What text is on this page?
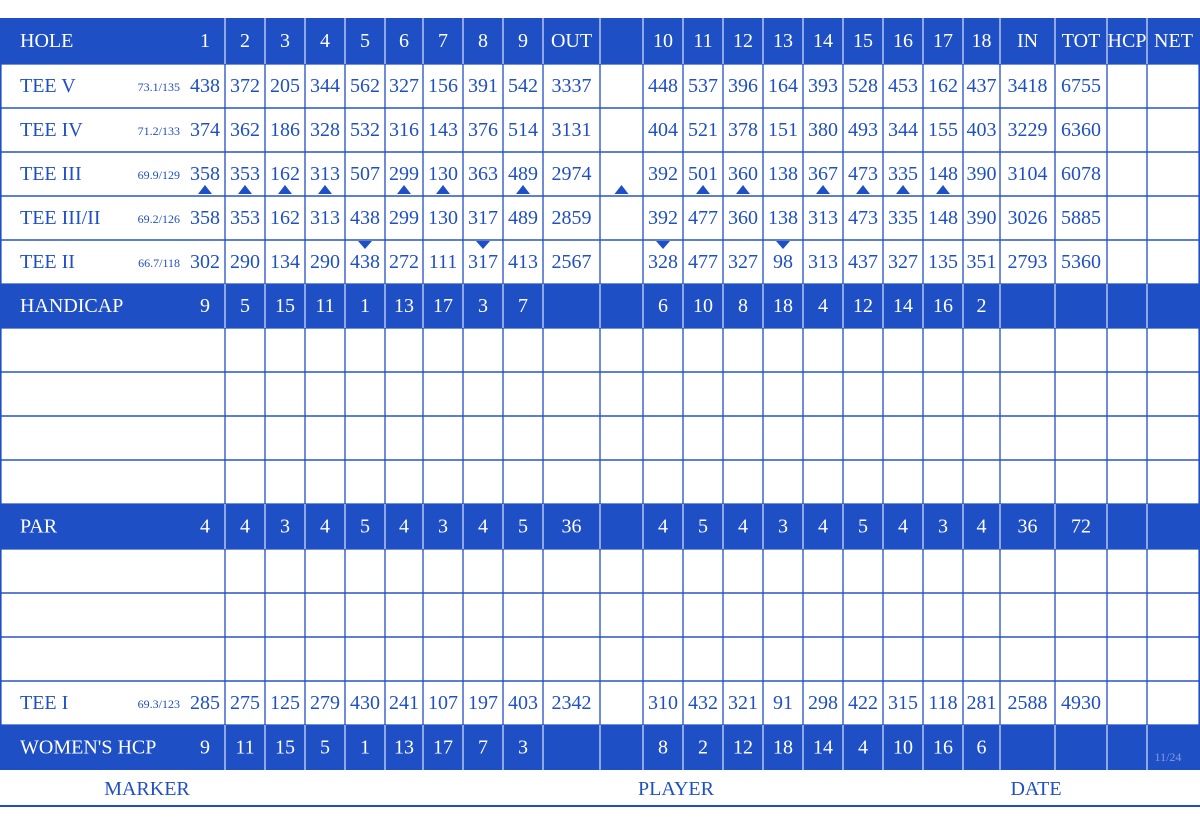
HOLE	1 2 3 4 5 6 7 8 9 OUT	10 11 12 13 14 15 16 17 18 IN TOT HCP NET
TEE V	73.1/135 438 372 205 344 562 327 156 391 542 3337	448 537 396 164 393 528 453 162 437 3418 6755
TEE IV	71.2/133 374 362 186 328 532 316 143 376 514 3131	404 521 378 151 380 493 344 155 403 3229 6360
TEE III	69.9/129 358 353 162 313 507 299 130 363 489 2974	392 501 360 138 367 473 335 148 390 3104 6078
TEE III/II	69.2/126 358 353 162 313 438 299 130 317 489 2859	392 477 360 138 313 473 335 148 390 3026 5885
TEE II	66.7/118 302 290 134 290 438 272 111 317 413 2567	328 477 327 98 313 437 327 135 351 2793 5360
HANDICAP	9 5 15 11 1 13 17 3 7	6 10 8 18 4 12 14 16 2
PAR	4 4 3 4 5 4 3 4 5 36	4 5 4 3 4 5 4 3 4 36 72
TEE I	69.3/123 285 275 125 279 430 241 107 197 403 2342	310 432 321 91 298 422 315 118 281 2588 4930
WOMEN'S HCP 9 11 15 5 1 13 17 7 3	8 2 12 18 14 4 10 16 6	11/24
MARKER	PLAYER	DATE
